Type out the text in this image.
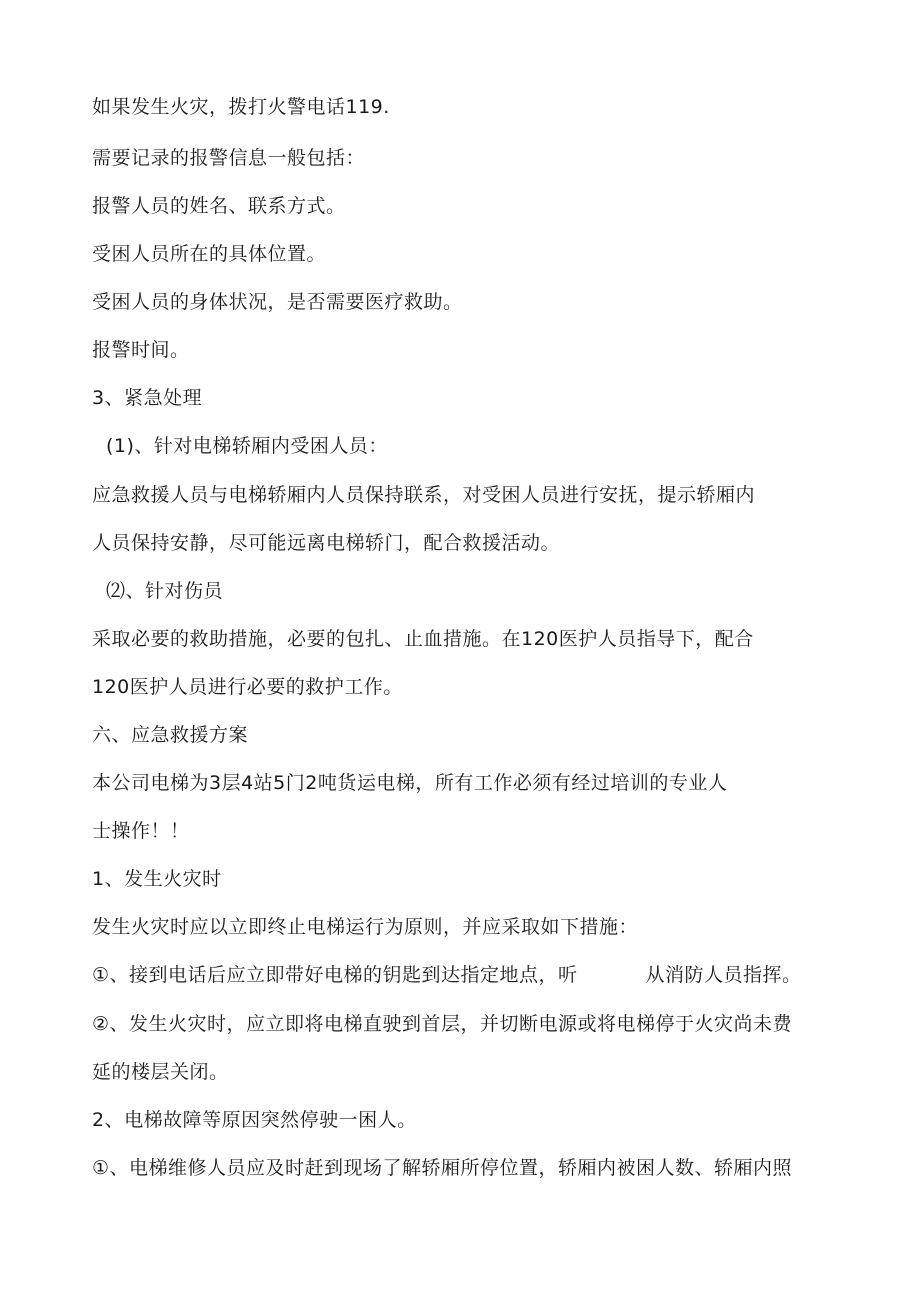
如果发生火灾，拨打火警电话119.
需要记录的报警信息一般包括：
报警人员的姓名、联系方式。
受困人员所在的具体位置。
受困人员的身体状况，是否需要医疗救助。
报警时间。
3、紧急处理
(1)、针对电梯轿厢内受困人员：
应急救援人员与电梯轿厢内人员保持联系，对受困人员进行安抚，提示轿厢内
人员保持安静，尽可能远离电梯轿门，配合救援活动。
⑵、针对伤员
采取必要的救助措施，必要的包扎、止血措施。在120医护人员指导下，配合
120医护人员进行必要的救护工作。
六、应急救援方案
本公司电梯为3层4站5门2吨货运电梯，所有工作必须有经过培训的专业人
士操作！！
1、发生火灾时
发生火灾时应以立即终止电梯运行为原则，并应采取如下措施：
①、接到电话后应立即带好电梯的钥匙到达指定地点，听	从消防人员指挥。
②、发生火灾时，应立即将电梯直驶到首层，并切断电源或将电梯停于火灾尚未费
延的楼层关闭。
2、电梯故障等原因突然停驶一困人。
①、电梯维修人员应及时赶到现场了解轿厢所停位置，轿厢内被困人数、轿厢内照
